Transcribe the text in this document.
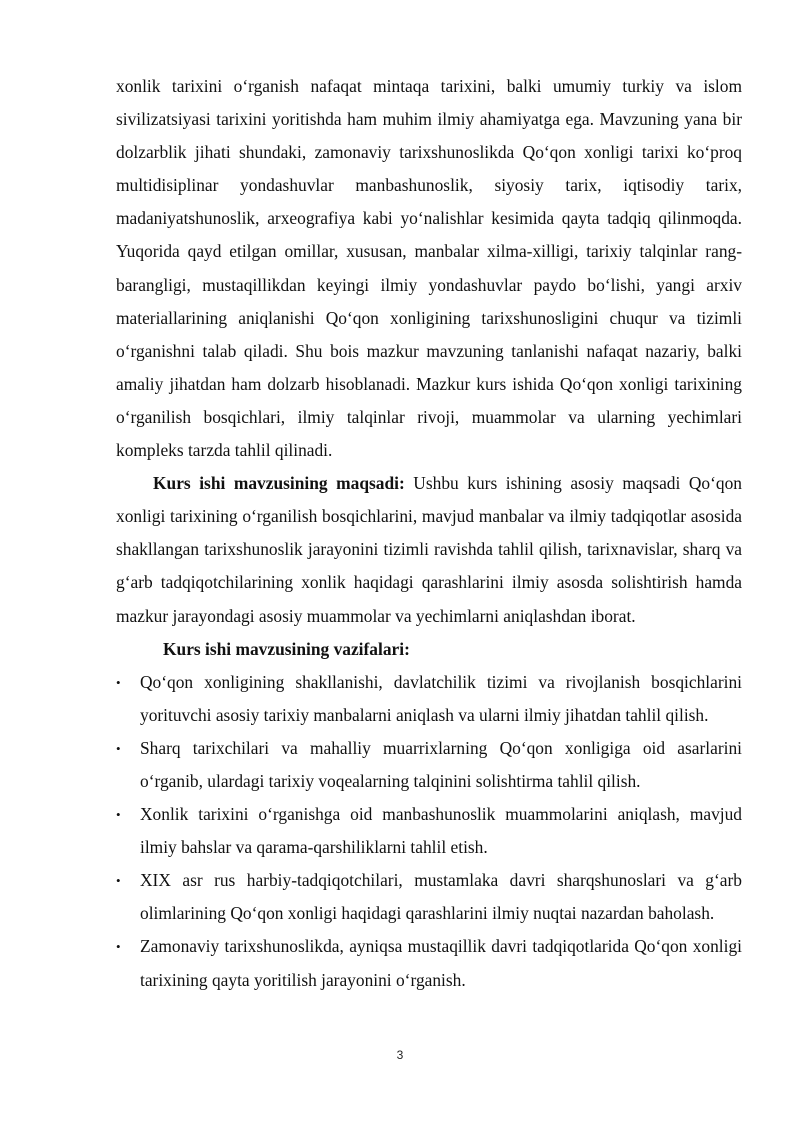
xonlik tarixini oʻrganish nafaqat mintaqa tarixini, balki umumiy turkiy va islom sivilizatsiyasi tarixini yoritishda ham muhim ilmiy ahamiyatga ega. Mavzuning yana bir dolzarblik jihati shundaki, zamonaviy tarixshunoslikda Qoʻqon xonligi tarixi koʻproq multidisiplinar yondashuvlar manbashunoslik, siyosiy tarix, iqtisodiy tarix, madaniyatshunoslik, arxeografiya kabi yoʻnalishlar kesimida qayta tadqiq qilinmoqda. Yuqorida qayd etilgan omillar, xususan, manbalar xilma-xilligi, tarixiy talqinlar rang-barangligi, mustaqillikdan keyingi ilmiy yondashuvlar paydo boʻlishi, yangi arxiv materiallarining aniqlanishi Qoʻqon xonligining tarixshunosligini chuqur va tizimli oʻrganishni talab qiladi. Shu bois mazkur mavzuning tanlanishi nafaqat nazariy, balki amaliy jihatdan ham dolzarb hisoblanadi. Mazkur kurs ishida Qoʻqon xonligi tarixining oʻrganilish bosqichlari, ilmiy talqinlar rivoji, muammolar va ularning yechimlari kompleks tarzda tahlil qilinadi.

Kurs ishi mavzusining maqsadi: Ushbu kurs ishining asosiy maqsadi Qoʻqon xonligi tarixining oʻrganilish bosqichlarini, mavjud manbalar va ilmiy tadqiqotlar asosida shakllangan tarixshunoslik jarayonini tizimli ravishda tahlil qilish, tarixnavislar, sharq va gʻarb tadqiqotchilarining xonlik haqidagi qarashlarini ilmiy asosda solishtirish hamda mazkur jarayondagi asosiy muammolar va yechimlarni aniqlashdan iborat.

Kurs ishi mavzusining vazifalari:

• Qoʻqon xonligining shakllanishi, davlatchilik tizimi va rivojlanish bosqichlarini yorituvchi asosiy tarixiy manbalarni aniqlash va ularni ilmiy jihatdan tahlil qilish.
• Sharq tarixchilari va mahalliy muarrixlarning Qoʻqon xonligiga oid asarlarini oʻrganib, ulardagi tarixiy voqealarning talqinini solishtirma tahlil qilish.
• Xonlik tarixini oʻrganishga oid manbashunoslik muammolarini aniqlash, mavjud ilmiy bahslar va qarama-qarshiliklarni tahlil etish.
• XIX asr rus harbiy-tadqiqotchilari, mustamlaka davri sharqshunoslari va gʻarb olimlarining Qoʻqon xonligi haqidagi qarashlarini ilmiy nuqtai nazardan baholash.
• Zamonaviy tarixshunoslikda, ayniqsa mustaqillik davri tadqiqotlarida Qoʻqon xonligi tarixining qayta yoritilish jarayonini oʻrganish.
3
